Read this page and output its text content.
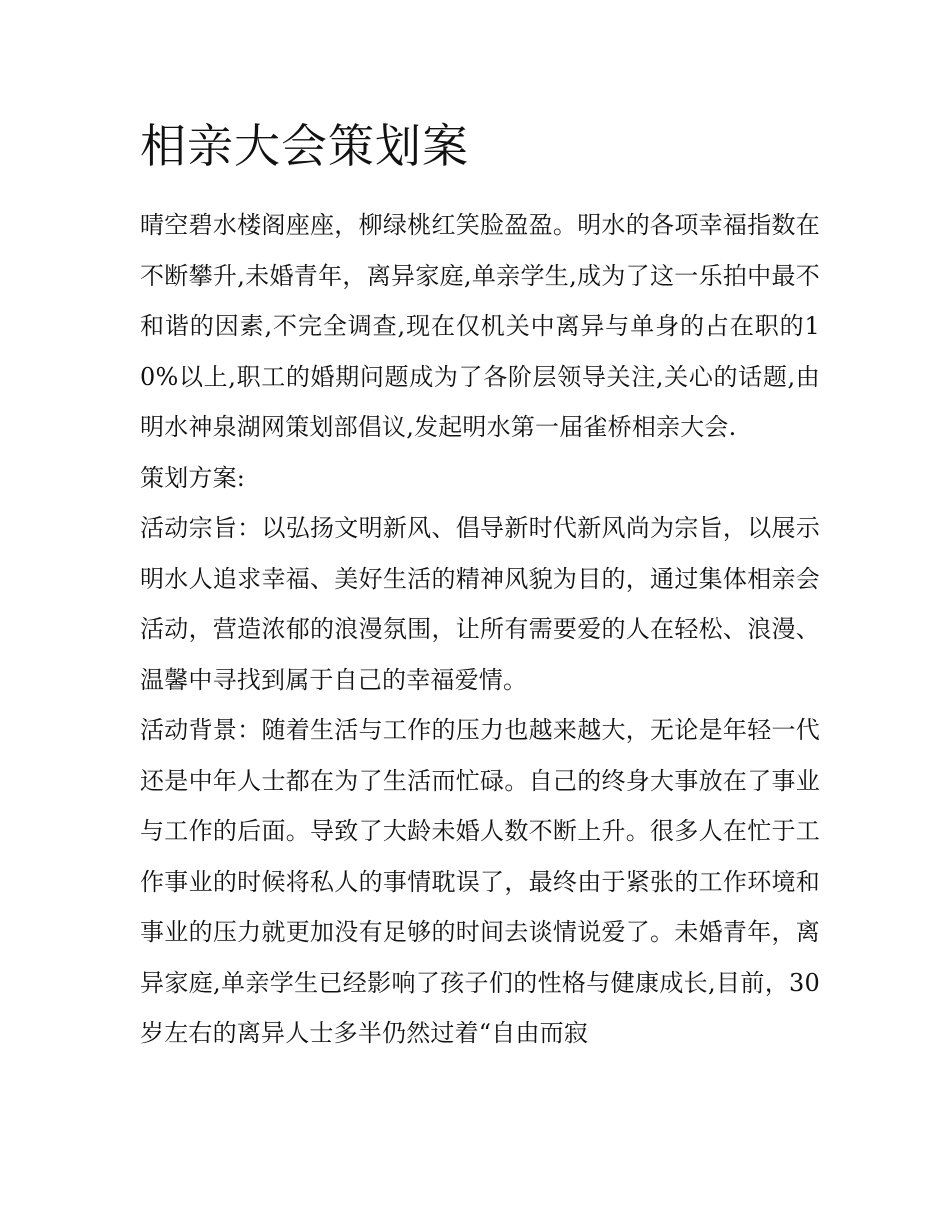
相亲大会策划案

晴空碧水楼阁座座，柳绿桃红笑脸盈盈。明水的各项幸福指数在不断攀升,未婚青年，离异家庭,单亲学生,成为了这一乐拍中最不和谐的因素,不完全调查,现在仅机关中离异与单身的占在职的10%以上,职工的婚期问题成为了各阶层领导关注,关心的话题,由明水神泉湖网策划部倡议,发起明水第一届雀桥相亲大会.

策划方案:

活动宗旨：以弘扬文明新风、倡导新时代新风尚为宗旨，以展示明水人追求幸福、美好生活的精神风貌为目的，通过集体相亲会活动，营造浓郁的浪漫氛围，让所有需要爱的人在轻松、浪漫、温馨中寻找到属于自己的幸福爱情。

活动背景：随着生活与工作的压力也越来越大，无论是年轻一代还是中年人士都在为了生活而忙碌。自己的终身大事放在了事业与工作的后面。导致了大龄未婚人数不断上升。很多人在忙于工作事业的时候将私人的事情耽误了，最终由于紧张的工作环境和事业的压力就更加没有足够的时间去谈情说爱了。未婚青年，离异家庭,单亲学生已经影响了孩子们的性格与健康成长,目前，30岁左右的离异人士多半仍然过着“自由而寂
